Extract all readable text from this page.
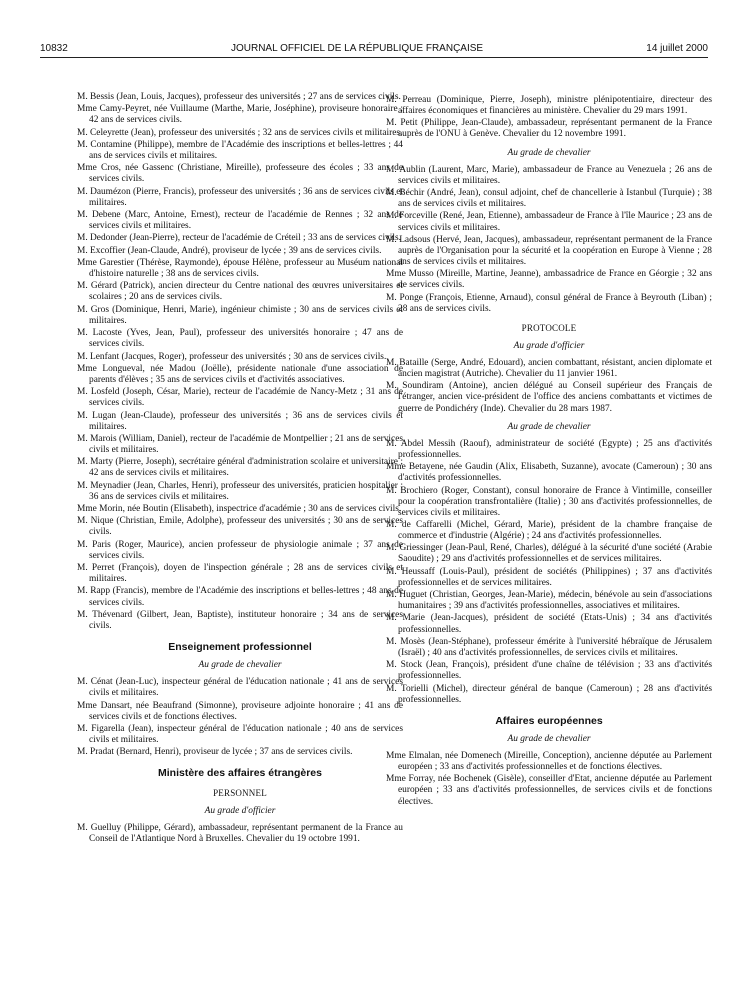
10832	JOURNAL OFFICIEL DE LA RÉPUBLIQUE FRANÇAISE	14 juillet 2000

M. Bessis (Jean, Louis, Jacques), professeur des universités ; 27 ans de services civils.

Mme Camy-Peyret, née Vuillaume (Marthe, Marie, Joséphine), proviseure honoraire ; 42 ans de services civils.

M. Celeyrette (Jean), professeur des universités ; 32 ans de services civils et militaires.

M. Contamine (Philippe), membre de l'Académie des inscriptions et belles-lettres ; 44 ans de services civils et militaires.

Mme Cros, née Gassenc (Christiane, Mireille), professeure des écoles ; 33 ans de services civils.

M. Daumézon (Pierre, Francis), professeur des universités ; 36 ans de services civils et militaires.

M. Debene (Marc, Antoine, Ernest), recteur de l'académie de Rennes ; 32 ans de services civils et militaires.

M. Dedonder (Jean-Pierre), recteur de l'académie de Créteil ; 33 ans de services civils.

M. Excoffier (Jean-Claude, André), proviseur de lycée ; 39 ans de services civils.

Mme Garestier (Thérèse, Raymonde), épouse Hélène, professeur au Muséum national d'histoire naturelle ; 38 ans de services civils.

M. Gérard (Patrick), ancien directeur du Centre national des œuvres universitaires et scolaires ; 20 ans de services civils.

M. Gros (Dominique, Henri, Marie), ingénieur chimiste ; 30 ans de services civils et militaires.

M. Lacoste (Yves, Jean, Paul), professeur des universités honoraire ; 47 ans de services civils.

M. Lenfant (Jacques, Roger), professeur des universités ; 30 ans de services civils.

Mme Longueval, née Madou (Joëlle), présidente nationale d'une association de parents d'élèves ; 35 ans de services civils et d'activités associatives.

M. Losfeld (Joseph, César, Marie), recteur de l'académie de Nancy-Metz ; 31 ans de services civils.

M. Lugan (Jean-Claude), professeur des universités ; 36 ans de services civils et militaires.

M. Marois (William, Daniel), recteur de l'académie de Montpellier ; 21 ans de services civils et militaires.

M. Marty (Pierre, Joseph), secrétaire général d'administration scolaire et universitaire ; 42 ans de services civils et militaires.

M. Meynadier (Jean, Charles, Henri), professeur des universités, praticien hospitalier ; 36 ans de services civils et militaires.

Mme Morin, née Boutin (Elisabeth), inspectrice d'académie ; 30 ans de services civils.

M. Nique (Christian, Emile, Adolphe), professeur des universités ; 30 ans de services civils.

M. Paris (Roger, Maurice), ancien professeur de physiologie animale ; 37 ans de services civils.

M. Perret (François), doyen de l'inspection générale ; 28 ans de services civils et militaires.

M. Rapp (Francis), membre de l'Académie des inscriptions et belles-lettres ; 48 ans de services civils.

M. Thévenard (Gilbert, Jean, Baptiste), instituteur honoraire ; 34 ans de services civils.

Enseignement professionnel

Au grade de chevalier

M. Cénat (Jean-Luc), inspecteur général de l'éducation nationale ; 41 ans de services civils et militaires.

Mme Dansart, née Beaufrand (Simonne), proviseure adjointe honoraire ; 41 ans de services civils et de fonctions électives.

M. Figarella (Jean), inspecteur général de l'éducation nationale ; 40 ans de services civils et militaires.

M. Pradat (Bernard, Henri), proviseur de lycée ; 37 ans de services civils.

Ministère des affaires étrangères

PERSONNEL

Au grade d'officier

M. Guelluy (Philippe, Gérard), ambassadeur, représentant permanent de la France au Conseil de l'Atlantique Nord à Bruxelles. Chevalier du 19 octobre 1991.

M. Perreau (Dominique, Pierre, Joseph), ministre plénipotentiaire, directeur des affaires économiques et financières au ministère. Chevalier du 29 mars 1991.

M. Petit (Philippe, Jean-Claude), ambassadeur, représentant permanent de la France auprès de l'ONU à Genève. Chevalier du 12 novembre 1991.

Au grade de chevalier

M. Aublin (Laurent, Marc, Marie), ambassadeur de France au Venezuela ; 26 ans de services civils et militaires.

M. Béchir (André, Jean), consul adjoint, chef de chancellerie à Istanbul (Turquie) ; 38 ans de services civils et militaires.

M. Forceville (René, Jean, Etienne), ambassadeur de France à l'île Maurice ; 23 ans de services civils et militaires.

M. Ladsous (Hervé, Jean, Jacques), ambassadeur, représentant permanent de la France auprès de l'Organisation pour la sécurité et la coopération en Europe à Vienne ; 28 ans de services civils et militaires.

Mme Musso (Mireille, Martine, Jeanne), ambassadrice de France en Géorgie ; 32 ans de services civils.

M. Ponge (François, Etienne, Arnaud), consul général de France à Beyrouth (Liban) ; 28 ans de services civils.

PROTOCOLE

Au grade d'officier

M. Bataille (Serge, André, Edouard), ancien combattant, résistant, ancien diplomate et ancien magistrat (Autriche). Chevalier du 11 janvier 1961.

M. Soundiram (Antoine), ancien délégué au Conseil supérieur des Français de l'étranger, ancien vice-président de l'office des anciens combattants et victimes de guerre de Pondichéry (Inde). Chevalier du 28 mars 1987.

Au grade de chevalier

M. Abdel Messih (Raouf), administrateur de société (Egypte) ; 25 ans d'activités professionnelles.

Mme Betayene, née Gaudin (Alix, Elisabeth, Suzanne), avocate (Cameroun) ; 30 ans d'activités professionnelles.

M. Brochiero (Roger, Constant), consul honoraire de France à Vintimille, conseiller pour la coopération transfrontalière (Italie) ; 30 ans d'activités professionnelles, de services civils et militaires.

M. de Caffarelli (Michel, Gérard, Marie), président de la chambre française de commerce et d'industrie (Algérie) ; 24 ans d'activités professionnelles.

M. Griessinger (Jean-Paul, René, Charles), délégué à la sécurité d'une société (Arabie Saoudite) ; 29 ans d'activités professionnelles et de services militaires.

M. Heussaff (Louis-Paul), président de sociétés (Philippines) ; 37 ans d'activités professionnelles et de services militaires.

M. Huguet (Christian, Georges, Jean-Marie), médecin, bénévole au sein d'associations humanitaires ; 39 ans d'activités professionnelles, associatives et militaires.

M. Marie (Jean-Jacques), président de société (Etats-Unis) ; 34 ans d'activités professionnelles.

M. Mosès (Jean-Stéphane), professeur émérite à l'université hébraïque de Jérusalem (Israël) ; 40 ans d'activités professionnelles, de services civils et militaires.

M. Stock (Jean, François), président d'une chaîne de télévision ; 33 ans d'activités professionnelles.

M. Torielli (Michel), directeur général de banque (Cameroun) ; 28 ans d'activités professionnelles.

Affaires européennes

Au grade de chevalier

Mme Elmalan, née Domenech (Mireille, Conception), ancienne députée au Parlement européen ; 33 ans d'activités professionnelles et de fonctions électives.

Mme Forray, née Bochenek (Gisèle), conseiller d'Etat, ancienne députée au Parlement européen ; 33 ans d'activités professionnelles, de services civils et de fonctions électives.
